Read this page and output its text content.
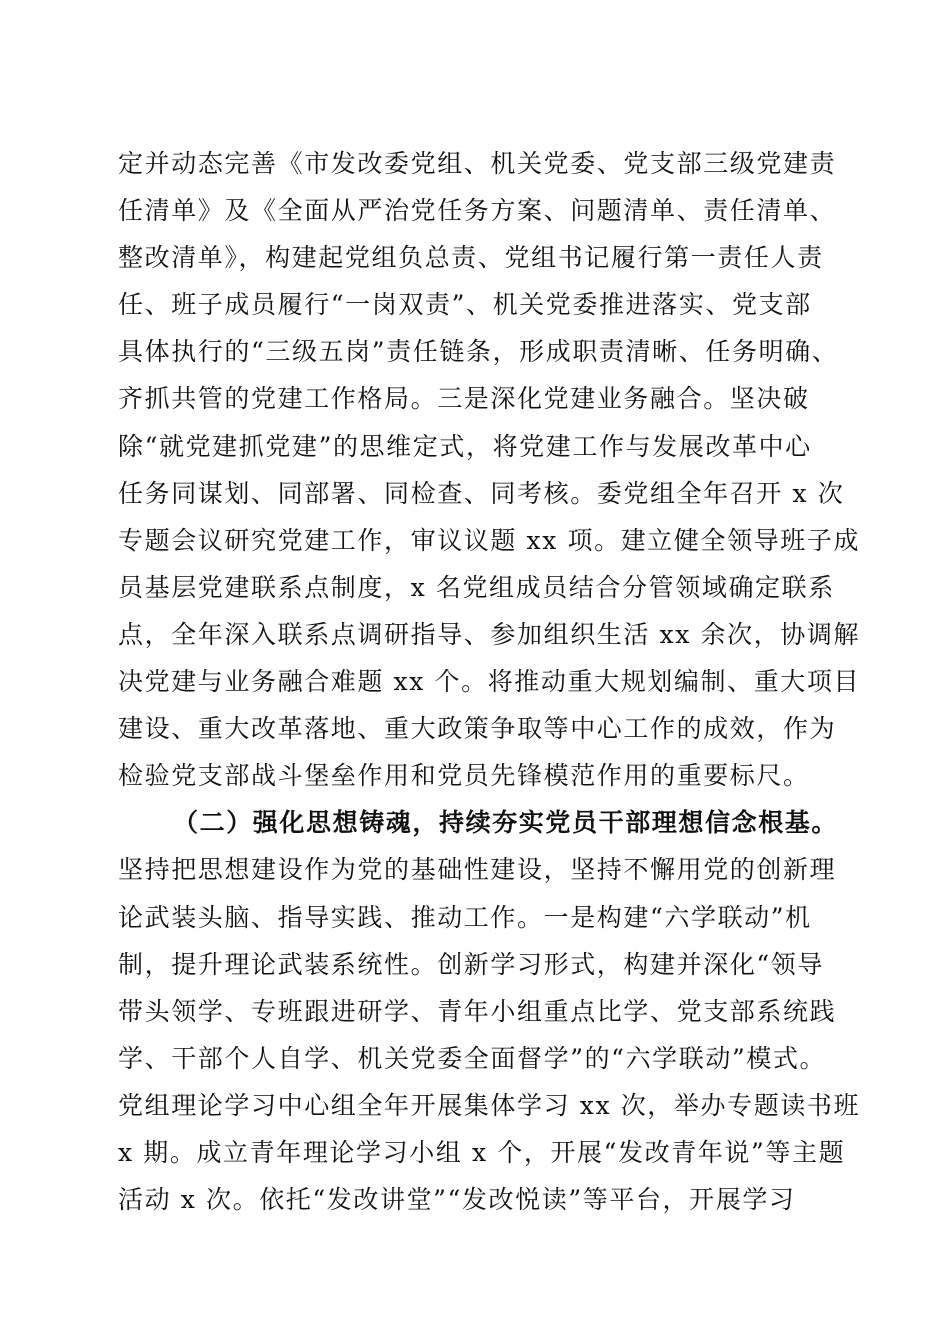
定并动态完善《市发改委党组、机关党委、党支部三级党建责
任清单》及《全面从严治党任务方案、问题清单、责任清单、
整改清单》，构建起党组负总责、党组书记履行第一责任人责
任、班子成员履行“一岗双责”、机关党委推进落实、党支部
具体执行的“三级五岗”责任链条，形成职责清晰、任务明确、
齐抓共管的党建工作格局。三是深化党建业务融合。坚决破
除“就党建抓党建”的思维定式，将党建工作与发展改革中心
任务同谋划、同部署、同检查、同考核。委党组全年召开 x 次
专题会议研究党建工作，审议议题 xx 项。建立健全领导班子成
员基层党建联系点制度，x 名党组成员结合分管领域确定联系
点，全年深入联系点调研指导、参加组织生活 xx 余次，协调解
决党建与业务融合难题 xx 个。将推动重大规划编制、重大项目
建设、重大改革落地、重大政策争取等中心工作的成效，作为
检验党支部战斗堡垒作用和党员先锋模范作用的重要标尺。
（二）强化思想铸魂，持续夯实党员干部理想信念根基。
坚持把思想建设作为党的基础性建设，坚持不懈用党的创新理
论武装头脑、指导实践、推动工作。一是构建“六学联动”机
制，提升理论武装系统性。创新学习形式，构建并深化“领导
带头领学、专班跟进研学、青年小组重点比学、党支部系统践
学、干部个人自学、机关党委全面督学”的“六学联动”模式。
党组理论学习中心组全年开展集体学习 xx 次，举办专题读书班
x 期。成立青年理论学习小组 x 个，开展“发改青年说”等主题
活动 x 次。依托“发改讲堂”“发改悦读”等平台，开展学习
